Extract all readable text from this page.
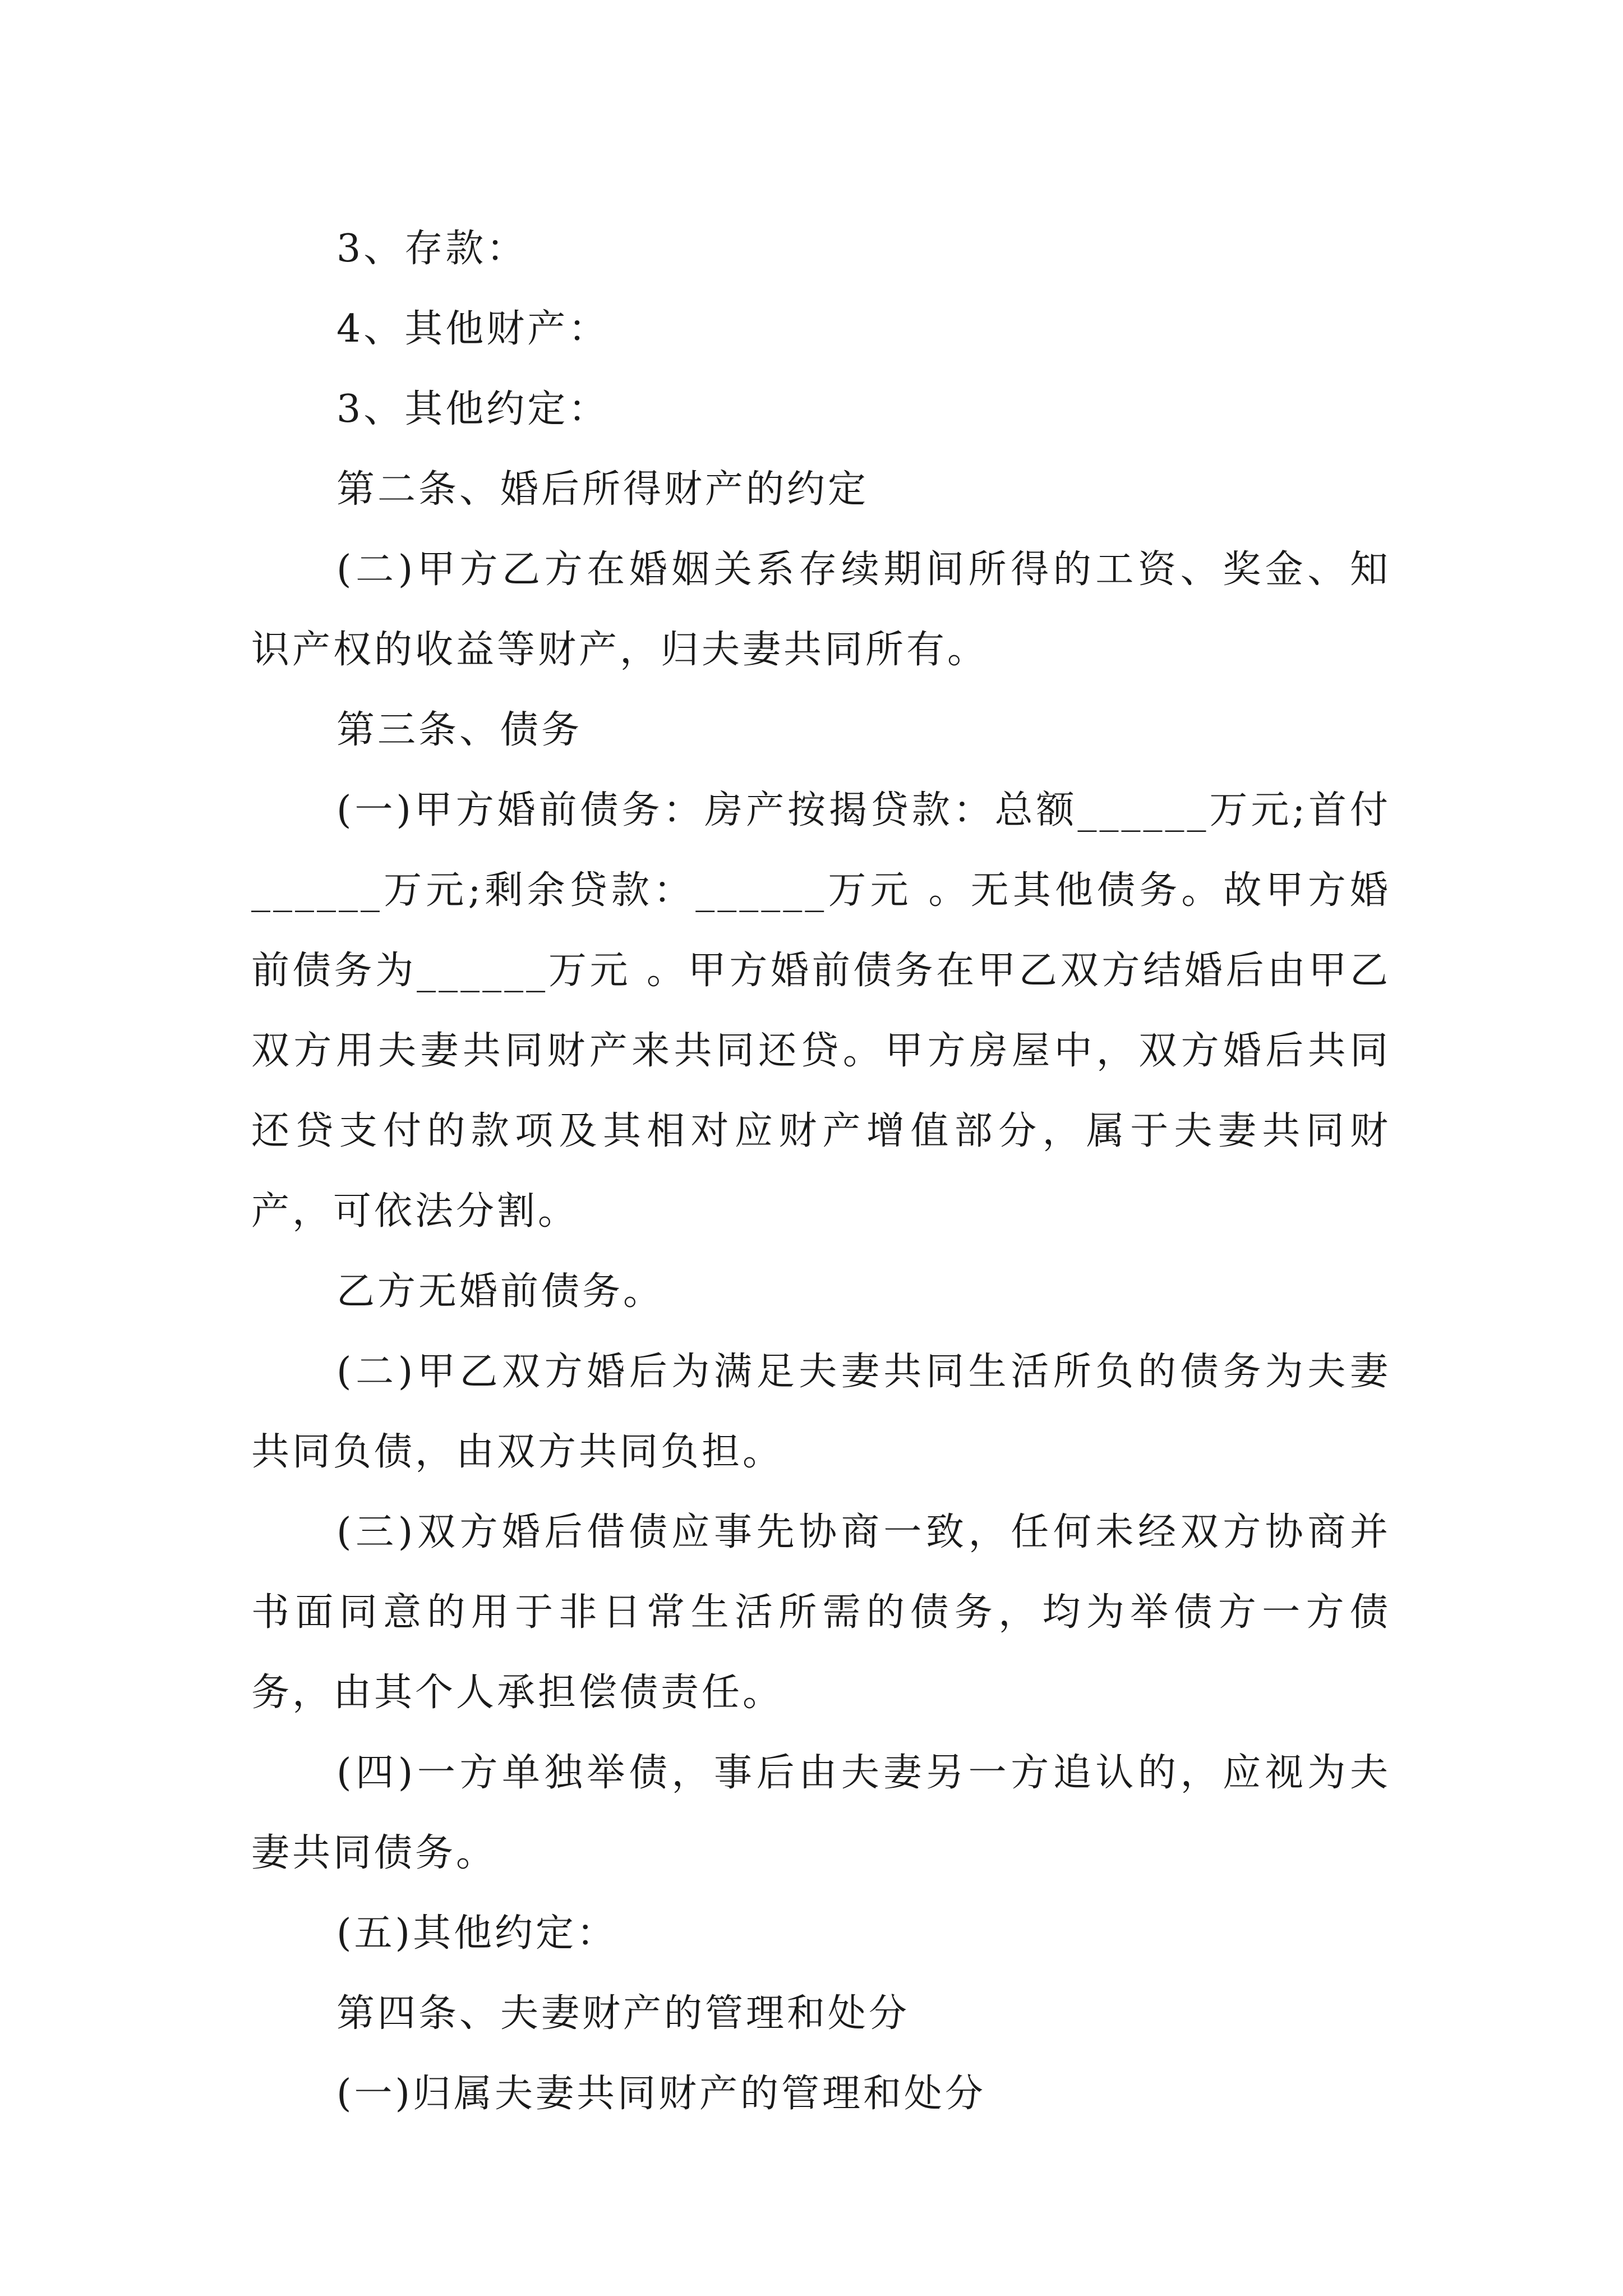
3、存款：

4、其他财产：

3、其他约定：

第二条、婚后所得财产的约定

(二)甲方乙方在婚姻关系存续期间所得的工资、奖金、知识产权的收益等财产，归夫妻共同所有。

第三条、债务

(一)甲方婚前债务：房产按揭贷款：总额______万元;首付______万元;剩余贷款：______万元 。无其他债务。故甲方婚前债务为______万元 。甲方婚前债务在甲乙双方结婚后由甲乙双方用夫妻共同财产来共同还贷。甲方房屋中，双方婚后共同还贷支付的款项及其相对应财产增值部分，属于夫妻共同财产，可依法分割。

乙方无婚前债务。

(二)甲乙双方婚后为满足夫妻共同生活所负的债务为夫妻共同负债，由双方共同负担。

(三)双方婚后借债应事先协商一致，任何未经双方协商并书面同意的用于非日常生活所需的债务，均为举债方一方债务，由其个人承担偿债责任。

(四)一方单独举债，事后由夫妻另一方追认的，应视为夫妻共同债务。

(五)其他约定：

第四条、夫妻财产的管理和处分

(一)归属夫妻共同财产的管理和处分
